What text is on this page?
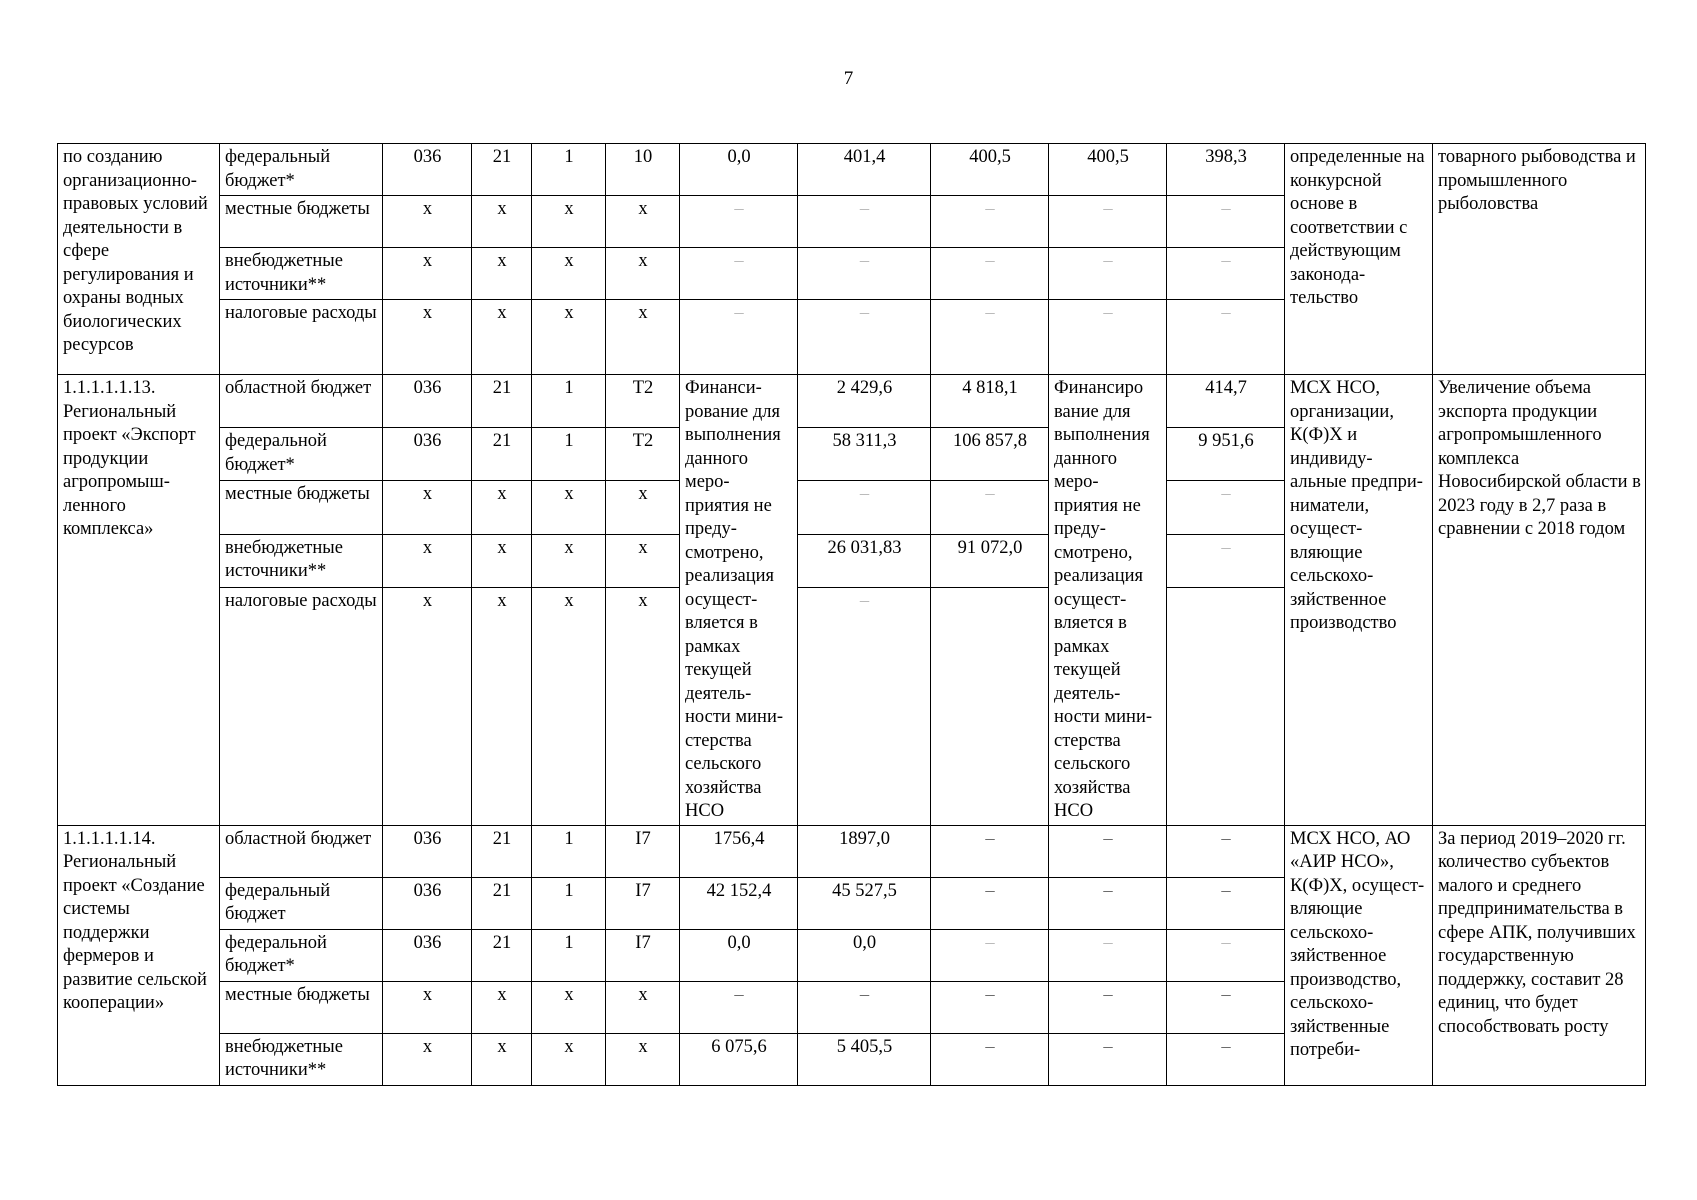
7
по созданию организационно-правовых условий деятельности в сфере регулирования и охраны водных биологических ресурсов	федеральный бюджет*	036	21	1	10	0,0	401,4	400,5	400,5	398,3	определенные на конкурсной основе в соответствии с действующим законода-тельство	товарного рыбоводства и промышленного рыболовства
	местные бюджеты	x	x	x	x	–	–	–	–	–		
	внебюджетные источники**	x	x	x	x	–	–	–	–	–		
	налоговые расходы	x	x	x	x	–	–	–	–	–		
1.1.1.1.1.13. Региональный проект «Экспорт продукции агропромыш-ленного комплекса»	областной бюджет	036	21	1	T2	Финанси-рование для выполнения данного меро-приятия не преду-смотрено, реализация осущест-вляется в рамках текущей деятель-ности мини-стерства сельского хозяйства НСО	2 429,6	4 818,1	Финансиро вание для выполнения данного меро-приятия не преду-смотрено, реализация осущест-вляется в рамках текущей деятель-ности мини-стерства сельского хозяйства НСО	414,7	МСХ НСО, организации, К(Ф)Х и индивиду-альные предпри-ниматели, осущест-вляющие сельскохо-зяйственное производство	Увеличение объема экспорта продукции агропромышленного комплекса Новосибирской области в 2023 году в 2,7 раза в сравнении с 2018 годом
	федеральной бюджет*	036	21	1	T2		58 311,3	106 857,8		9 951,6		
	местные бюджеты	x	x	x	x		–	–		–		
	внебюджетные источники**	x	x	x	x		26 031,83	91 072,0		–		
	налоговые расходы	x	x	x	x		–					
1.1.1.1.1.14. Региональный проект «Создание системы поддержки фермеров и развитие сельской кооперации»	областной бюджет	036	21	1	I7	1756,4	1897,0	–	–	–	МСХ НСО, АО «АИР НСО», К(Ф)Х, осущест-вляющие сельскохо-зяйственное производство, сельскохо-зяйственные потреби-	За период 2019–2020 гг. количество субъектов малого и среднего предпринимательства в сфере АПК, получивших государственную поддержку, составит 28 единиц, что будет способствовать росту
	федеральный бюджет	036	21	1	I7	42 152,4	45 527,5	–	–	–		
	федеральной бюджет*	036	21	1	I7	0,0	0,0	–	–	–		
	местные бюджеты	x	x	x	x	–	–	–	–	–		
	внебюджетные источники**	x	x	x	x	6 075,6	5 405,5	–	–	–		
